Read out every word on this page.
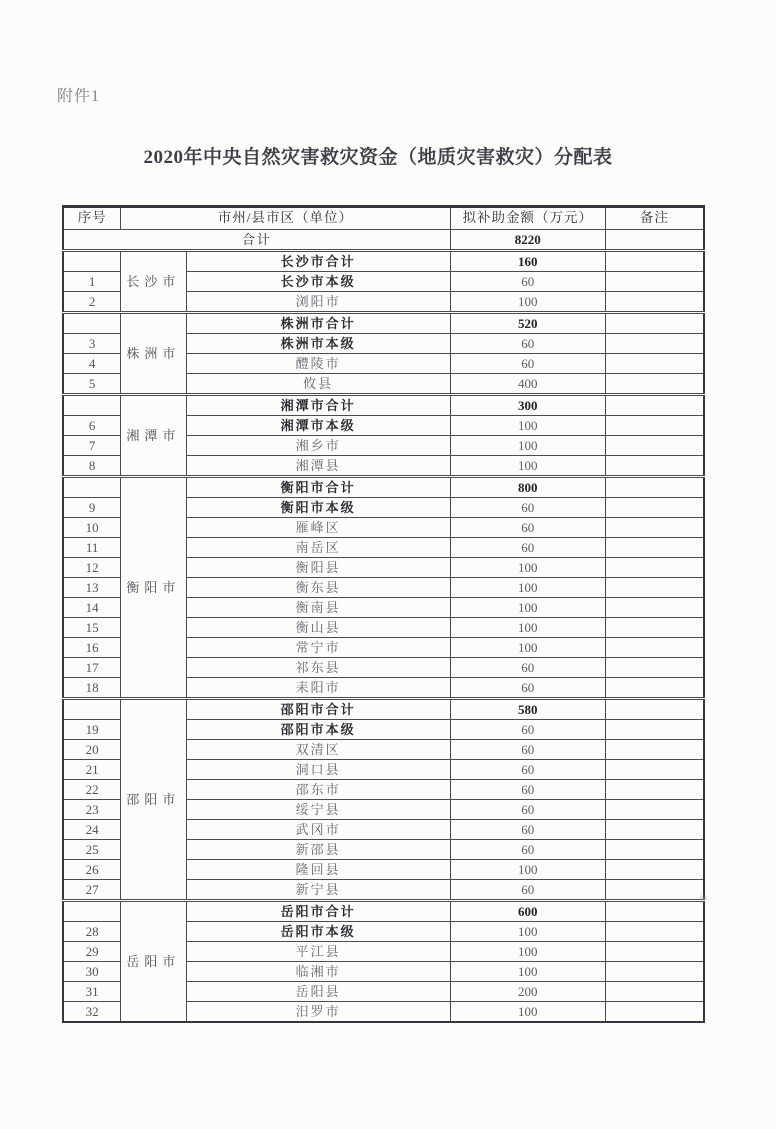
附件1
2020年中央自然灾害救灾资金（地质灾害救灾）分配表
序号	市州/县市区（单位）		拟补助金额（万元）	备注
合计			8220	
	长沙市	长沙市合计	160	
1		长沙市本级	60	
2		浏阳市	100	
	株洲市	株洲市合计	520	
3		株洲市本级	60	
4		醴陵市	60	
5		攸县	400	
	湘潭市	湘潭市合计	300	
6		湘潭市本级	100	
7		湘乡市	100	
8		湘潭县	100	
	衡阳市	衡阳市合计	800	
9		衡阳市本级	60	
10		雁峰区	60	
11		南岳区	60	
12		衡阳县	100	
13		衡东县	100	
14		衡南县	100	
15		衡山县	100	
16		常宁市	100	
17		祁东县	60	
18		耒阳市	60	
	邵阳市	邵阳市合计	580	
19		邵阳市本级	60	
20		双清区	60	
21		洞口县	60	
22		邵东市	60	
23		绥宁县	60	
24		武冈市	60	
25		新邵县	60	
26		隆回县	100	
27		新宁县	60	
	岳阳市	岳阳市合计	600	
28		岳阳市本级	100	
29		平江县	100	
30		临湘市	100	
31		岳阳县	200	
32		汨罗市	100	
